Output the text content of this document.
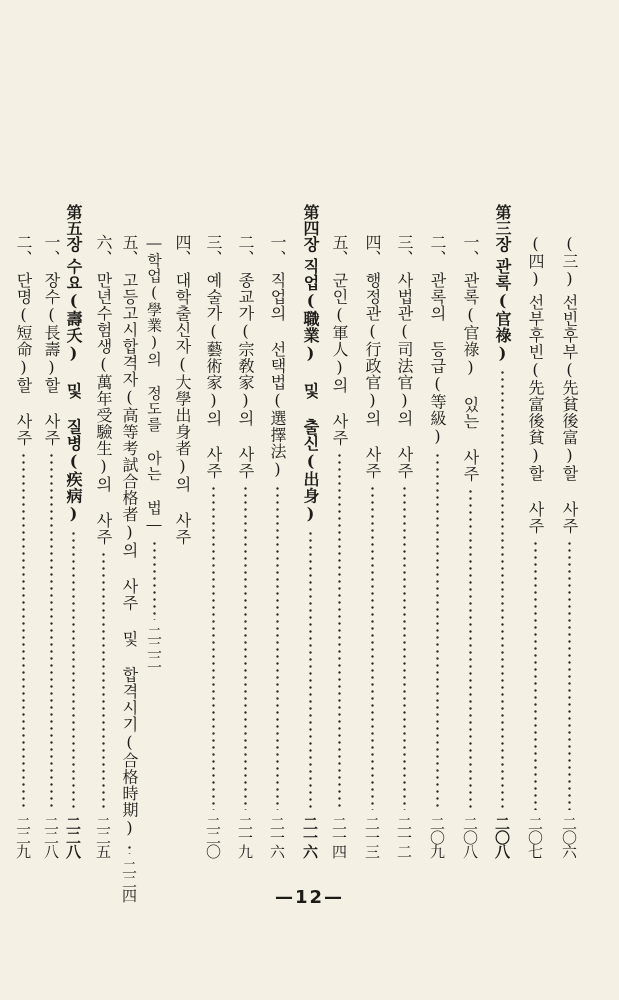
(三)
선빈후부(先貧後富)할 사주
二〇六
(四)
선부후빈(先富後貧)할 사주
二〇七
第三장
관록(官祿)
二〇八
一、
관록(官祿) 있는 사주
二〇八
二、
관록의 등급(等級)
二〇九
三、
사법관(司法官)의 사주
二一二
四、
행정관(行政官)의 사주
二一三
五、
군인(軍人)의 사주
二一四
第四장
직업(職業) 및 출신(出身)
二一六
一、
직업의 선택법(選擇法)
二一六
二、
종교가(宗敎家)의 사주
二一九
三、
예술가(藝術家)의 사주
二二〇
四、
대학출신자(大學出身者)의 사주
―학업(學業)의 정도를 아는 법―
二二二
五、
고등고시합격자(高等考試合格者)의 사주 및 합격시기(合格時期)
二二四
六、
만년수험생(萬年受驗生)의 사주
二二五
第五장
수요(壽夭) 및 질병(疾病)
二二八
一、
장수(長壽)할 사주
二二八
二、
단명(短命)할 사주
二二九
—12—
